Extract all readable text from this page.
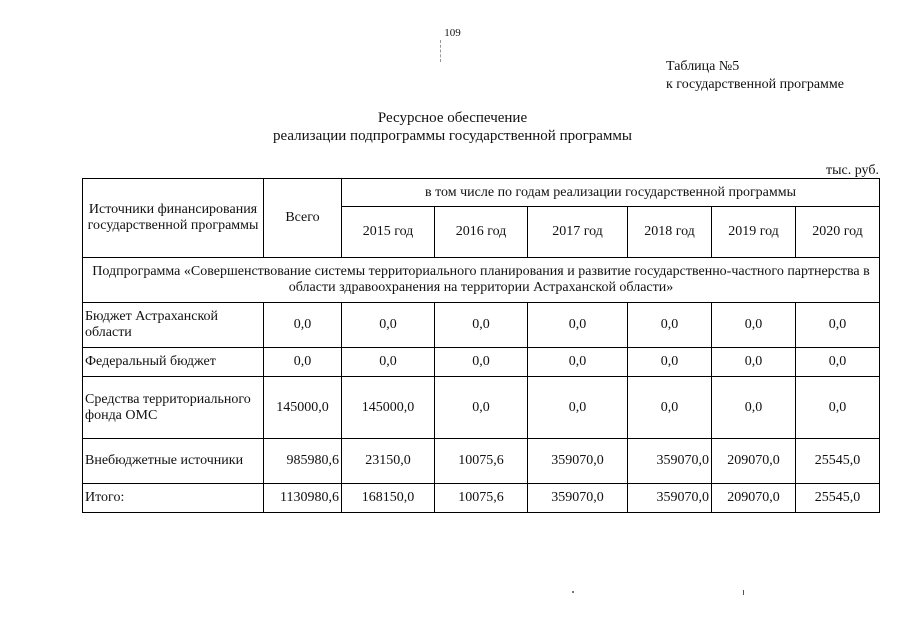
109
Таблица №5
к государственной программе
Ресурсное обеспечение
реализации подпрограммы государственной программы
тыс. руб.
Источники финансирования государственной программы	Всего	в том числе по годам реализации государственной программы					
		2015 год	2016 год	2017 год	2018 год	2019 год	2020 год
Подпрограмма «Совершенствование системы территориального планирования и развитие государственно-частного партнерства в области здравоохранения на территории Астраханской области»							
Бюджет Астраханской области	0,0	0,0	0,0	0,0	0,0	0,0	0,0
Федеральный бюджет	0,0	0,0	0,0	0,0	0,0	0,0	0,0
Средства территориального фонда ОМС	145000,0	145000,0	0,0	0,0	0,0	0,0	0,0
Внебюджетные источники	985980,6	23150,0	10075,6	359070,0	359070,0	209070,0	25545,0
Итого:	1130980,6	168150,0	10075,6	359070,0	359070,0	209070,0	25545,0
